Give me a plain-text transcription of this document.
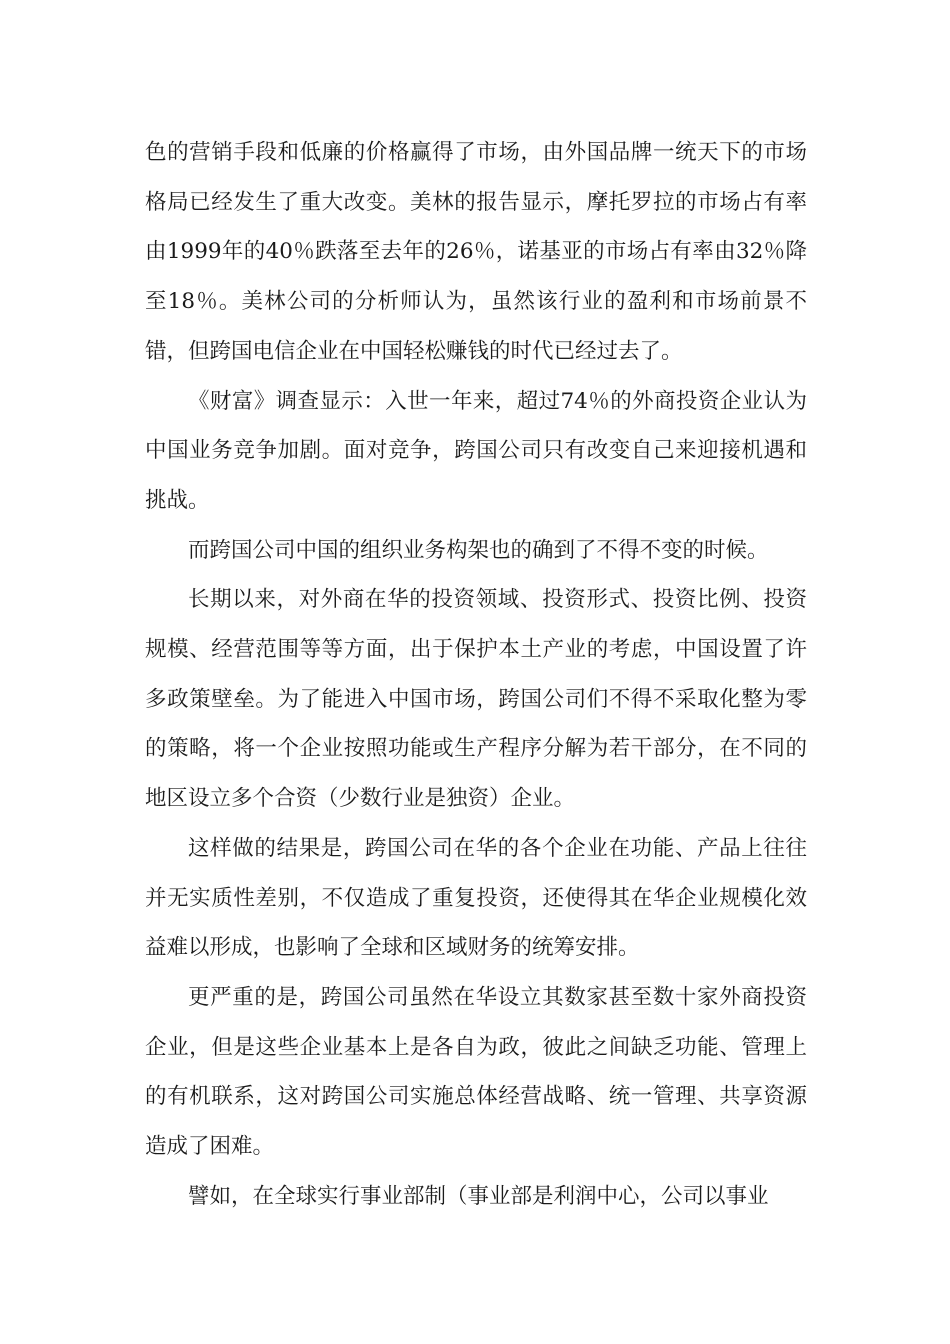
色的营销手段和低廉的价格赢得了市场，由外国品牌一统天下的市场格局已经发生了重大改变。美林的报告显示，摩托罗拉的市场占有率由1999年的40％跌落至去年的26％，诺基亚的市场占有率由32％降至18％。美林公司的分析师认为，虽然该行业的盈利和市场前景不错，但跨国电信企业在中国轻松赚钱的时代已经过去了。

《财富》调查显示：入世一年来，超过74％的外商投资企业认为中国业务竞争加剧。面对竞争，跨国公司只有改变自己来迎接机遇和挑战。

而跨国公司中国的组织业务构架也的确到了不得不变的时候。

长期以来，对外商在华的投资领域、投资形式、投资比例、投资规模、经营范围等等方面，出于保护本土产业的考虑，中国设置了许多政策壁垒。为了能进入中国市场，跨国公司们不得不采取化整为零的策略，将一个企业按照功能或生产程序分解为若干部分，在不同的地区设立多个合资（少数行业是独资）企业。

这样做的结果是，跨国公司在华的各个企业在功能、产品上往往并无实质性差别，不仅造成了重复投资，还使得其在华企业规模化效益难以形成，也影响了全球和区域财务的统筹安排。

更严重的是，跨国公司虽然在华设立其数家甚至数十家外商投资企业，但是这些企业基本上是各自为政，彼此之间缺乏功能、管理上的有机联系，这对跨国公司实施总体经营战略、统一管理、共享资源造成了困难。

譬如，在全球实行事业部制（事业部是利润中心，公司以事业
